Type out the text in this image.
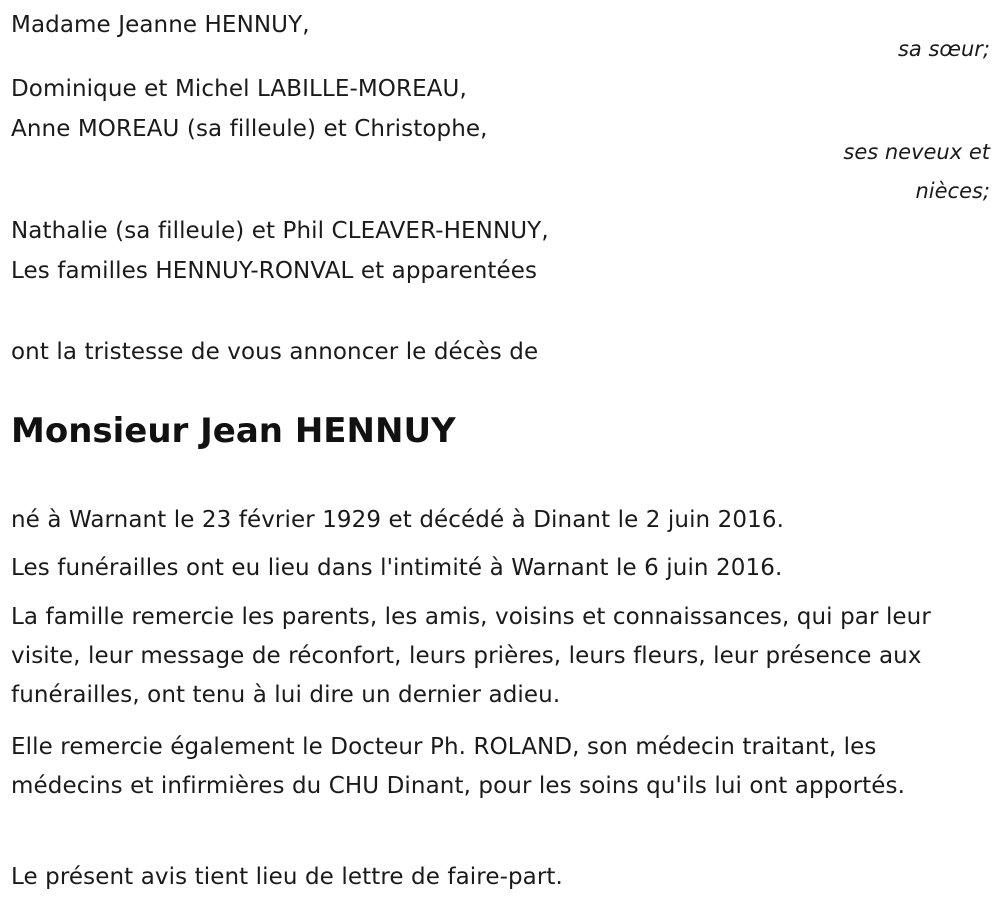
Madame Jeanne HENNUY,
sa sœur;
Dominique et Michel LABILLE-MOREAU,
Anne MOREAU (sa filleule) et Christophe,
ses neveux et
nièces;
Nathalie (sa filleule) et Phil CLEAVER-HENNUY,
Les familles HENNUY-RONVAL et apparentées
ont la tristesse de vous annoncer le décès de
Monsieur Jean HENNUY
né à Warnant le 23 février 1929 et décédé à Dinant le 2 juin 2016.
Les funérailles ont eu lieu dans l'intimité à Warnant le 6 juin 2016.
La famille remercie les parents, les amis, voisins et connaissances, qui par leur visite, leur message de réconfort, leurs prières, leurs fleurs, leur présence aux funérailles, ont tenu à lui dire un dernier adieu.
Elle remercie également le Docteur Ph. ROLAND, son médecin traitant, les médecins et infirmières du CHU Dinant, pour les soins qu'ils lui ont apportés.
Le présent avis tient lieu de lettre de faire-part.
